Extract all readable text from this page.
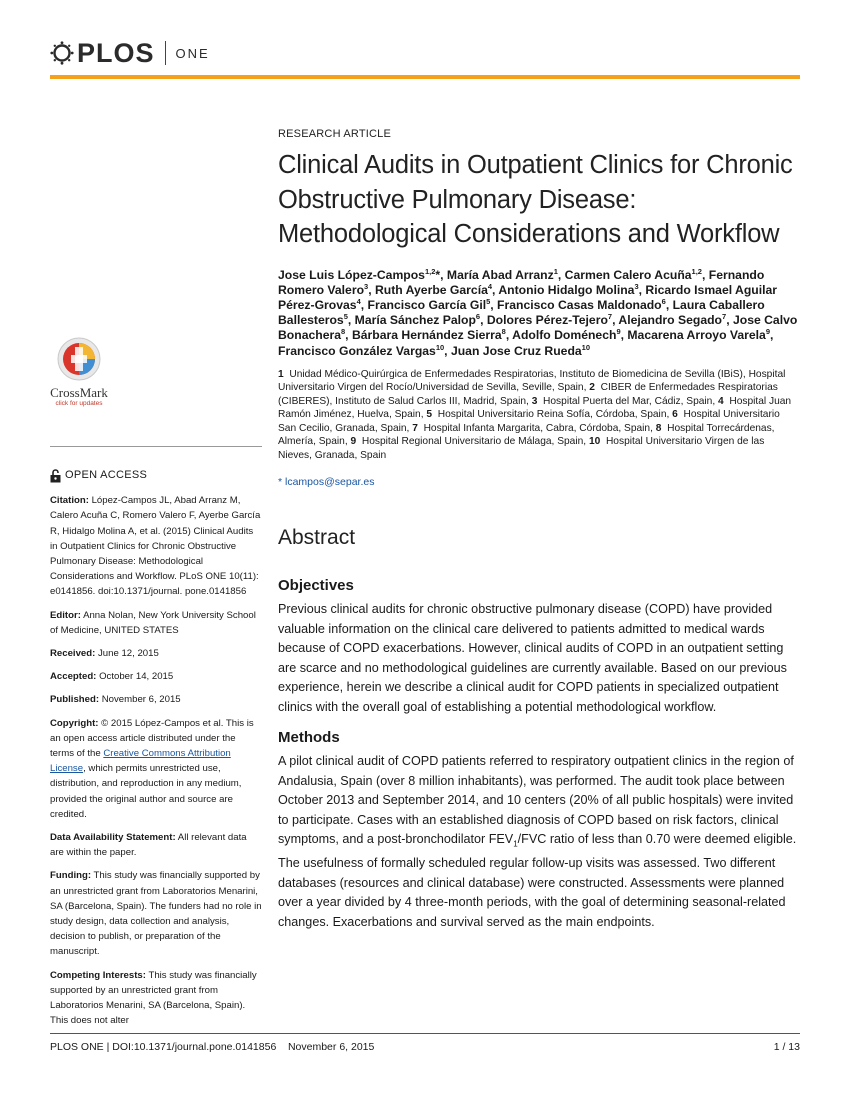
PLOS ONE
CrossMark
click for updates
OPEN ACCESS
Citation: López-Campos JL, Abad Arranz M, Calero Acuña C, Romero Valero F, Ayerbe García R, Hidalgo Molina A, et al. (2015) Clinical Audits in Outpatient Clinics for Chronic Obstructive Pulmonary Disease: Methodological Considerations and Workflow. PLoS ONE 10(11): e0141856. doi:10.1371/journal. pone.0141856
Editor: Anna Nolan, New York University School of Medicine, UNITED STATES
Received: June 12, 2015
Accepted: October 14, 2015
Published: November 6, 2015
Copyright: © 2015 López-Campos et al. This is an open access article distributed under the terms of the Creative Commons Attribution License, which permits unrestricted use, distribution, and reproduction in any medium, provided the original author and source are credited.
Data Availability Statement: All relevant data are within the paper.
Funding: This study was financially supported by an unrestricted grant from Laboratorios Menarini, SA (Barcelona, Spain). The funders had no role in study design, data collection and analysis, decision to publish, or preparation of the manuscript.
Competing Interests: This study was financially supported by an unrestricted grant from Laboratorios Menarini, SA (Barcelona, Spain). This does not alter
RESEARCH ARTICLE
Clinical Audits in Outpatient Clinics for Chronic Obstructive Pulmonary Disease: Methodological Considerations and Workflow
Jose Luis López-Campos$^{1,2}$*, María Abad Arranz$^1$, Carmen Calero Acuña$^{1,2}$, Fernando Romero Valero$^3$, Ruth Ayerbe García$^4$, Antonio Hidalgo Molina$^3$, Ricardo Ismael Aguilar Pérez-Grovas$^4$, Francisco García Gil$^5$, Francisco Casas Maldonado$^6$, Laura Caballero Ballesteros$^5$, María Sánchez Palop$^6$, Dolores Pérez-Tejero$^7$, Alejandro Segado$^7$, Jose Calvo Bonachera$^8$, Bárbara Hernández Sierra$^8$, Adolfo Doménech$^9$, Macarena Arroyo Varela$^9$, Francisco González Vargas$^{10}$, Juan Jose Cruz Rueda$^{10}$
1 Unidad Médico-Quirúrgica de Enfermedades Respiratorias, Instituto de Biomedicina de Sevilla (IBiS), Hospital Universitario Virgen del Rocío/Universidad de Sevilla, Seville, Spain, 2 CIBER de Enfermedades Respiratorias (CIBERES), Instituto de Salud Carlos III, Madrid, Spain, 3 Hospital Puerta del Mar, Cádiz, Spain, 4 Hospital Juan Ramón Jiménez, Huelva, Spain, 5 Hospital Universitario Reina Sofía, Córdoba, Spain, 6 Hospital Universitario San Cecilio, Granada, Spain, 7 Hospital Infanta Margarita, Cabra, Córdoba, Spain, 8 Hospital Torrecárdenas, Almería, Spain, 9 Hospital Regional Universitario de Málaga, Spain, 10 Hospital Universitario Virgen de las Nieves, Granada, Spain
* lcampos@separ.es
Abstract
Objectives
Previous clinical audits for chronic obstructive pulmonary disease (COPD) have provided valuable information on the clinical care delivered to patients admitted to medical wards because of COPD exacerbations. However, clinical audits of COPD in an outpatient setting are scarce and no methodological guidelines are currently available. Based on our previous experience, herein we describe a clinical audit for COPD patients in specialized outpatient clinics with the overall goal of establishing a potential methodological workflow.
Methods
A pilot clinical audit of COPD patients referred to respiratory outpatient clinics in the region of Andalusia, Spain (over 8 million inhabitants), was performed. The audit took place between October 2013 and September 2014, and 10 centers (20% of all public hospitals) were invited to participate. Cases with an established diagnosis of COPD based on risk factors, clinical symptoms, and a post-bronchodilator $FEV_1$/FVC ratio of less than 0.70 were deemed eligible. The usefulness of formally scheduled regular follow-up visits was assessed. Two different databases (resources and clinical database) were constructed. Assessments were planned over a year divided by 4 three-month periods, with the goal of determining seasonal-related changes. Exacerbations and survival served as the main endpoints.
PLOS ONE | DOI:10.1371/journal.pone.0141856    November 6, 2015	1 / 13
